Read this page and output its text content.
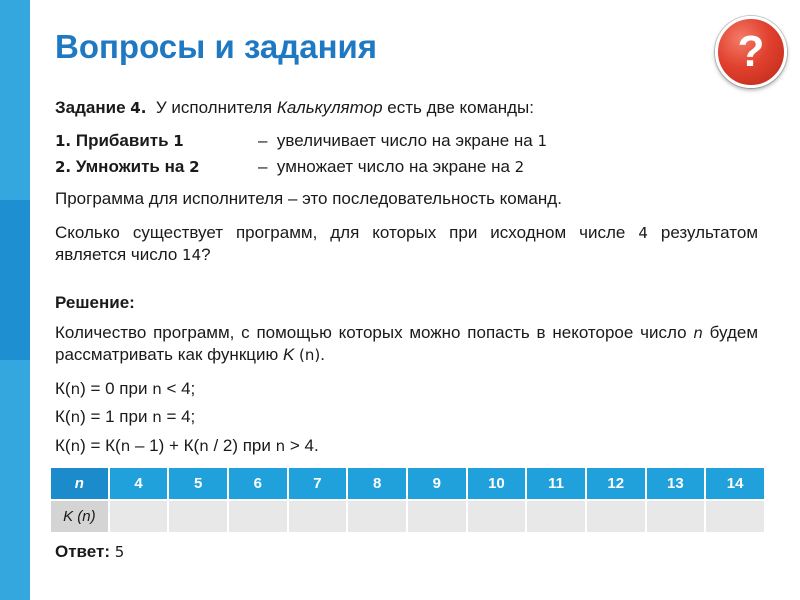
Вопросы и задания	?
Задание 4. У исполнителя Калькулятор есть две команды:
1. Прибавить 1	– увеличивает число на экране на 1
2. Умножить на 2	– умножает число на экране на 2
Программа для исполнителя – это последовательность команд.
Сколько существует программ, для которых при исходном числе 4 результатом является число 14?
Решение:
Количество программ, с помощью которых можно попасть в некоторое число n будем рассматривать как функцию K (n).
К(n) = 0 при n < 4;
К(n) = 1 при n = 4;
К(n) = К(n – 1) + К(n / 2) при n > 4.
n	4	5	6	7	8	9	10	11	12	13	14
K (n)											
Ответ: 5
